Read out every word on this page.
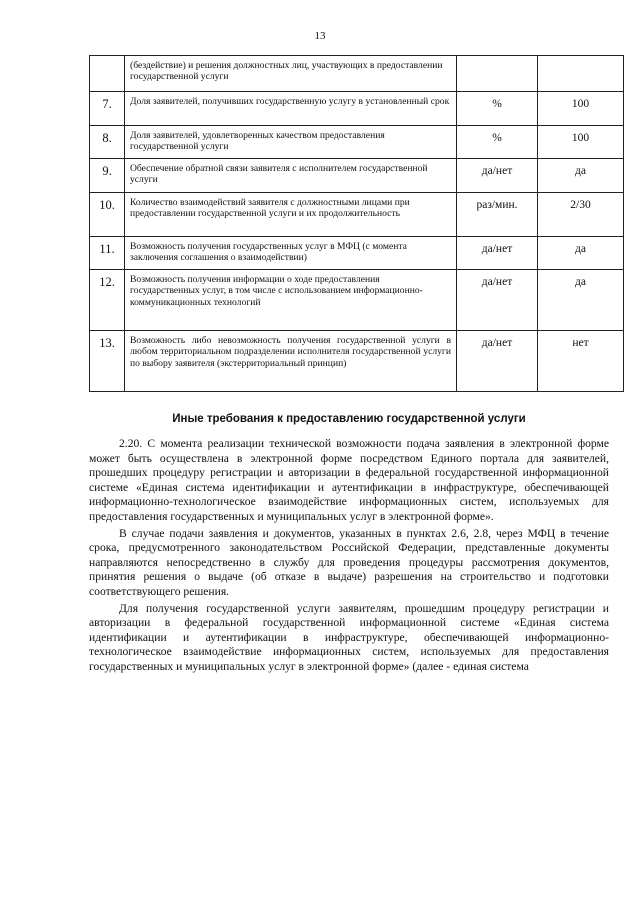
13
	(бездействие) и решения должностных лиц, участвующих в предоставлении государственной услуги		
7.	Доля заявителей, получивших государственную услугу в установленный срок	%	100
8.	Доля заявителей, удовлетворенных качеством предоставления государственной услуги	%	100
9.	Обеспечение обратной связи заявителя с исполнителем государственной услуги	да/нет	да
10.	Количество взаимодействий заявителя с должностными лицами при предоставлении государственной услуги и их продолжительность	раз/мин.	2/30
11.	Возможность получения государственных услуг в МФЦ (с момента заключения соглашения о взаимодействии)	да/нет	да
12.	Возможность получения информации о ходе предоставления государственных услуг, в том числе с использованием информационно-коммуникационных технологий	да/нет	да
13.	Возможность либо невозможность получения государственной услуги в любом территориальном подразделении исполнителя государственной услуги по выбору заявителя (экстерриториальный принцип)	да/нет	нет
Иные требования к предоставлению государственной услуги

2.20. С момента реализации технической возможности подача заявления в электронной форме может быть осуществлена в электронной форме посредством Единого портала для заявителей, прошедших процедуру регистрации и авторизации в федеральной государственной информационной системе «Единая система идентификации и аутентификации в инфраструктуре, обеспечивающей информационно-технологическое взаимодействие информационных систем, используемых для предоставления государственных и муниципальных услуг в электронной форме».

В случае подачи заявления и документов, указанных в пунктах 2.6, 2.8, через МФЦ в течение срока, предусмотренного законодательством Российской Федерации, представленные документы направляются непосредственно в службу для проведения процедуры рассмотрения документов, принятия решения о выдаче (об отказе в выдаче) разрешения на строительство и подготовки соответствующего решения.

Для получения государственной услуги заявителям, прошедшим процедуру регистрации и авторизации в федеральной государственной информационной системе «Единая система идентификации и аутентификации в инфраструктуре, обеспечивающей информационно-технологическое взаимодействие информационных систем, используемых для предоставления государственных и муниципальных услуг в электронной форме» (далее - единая система
